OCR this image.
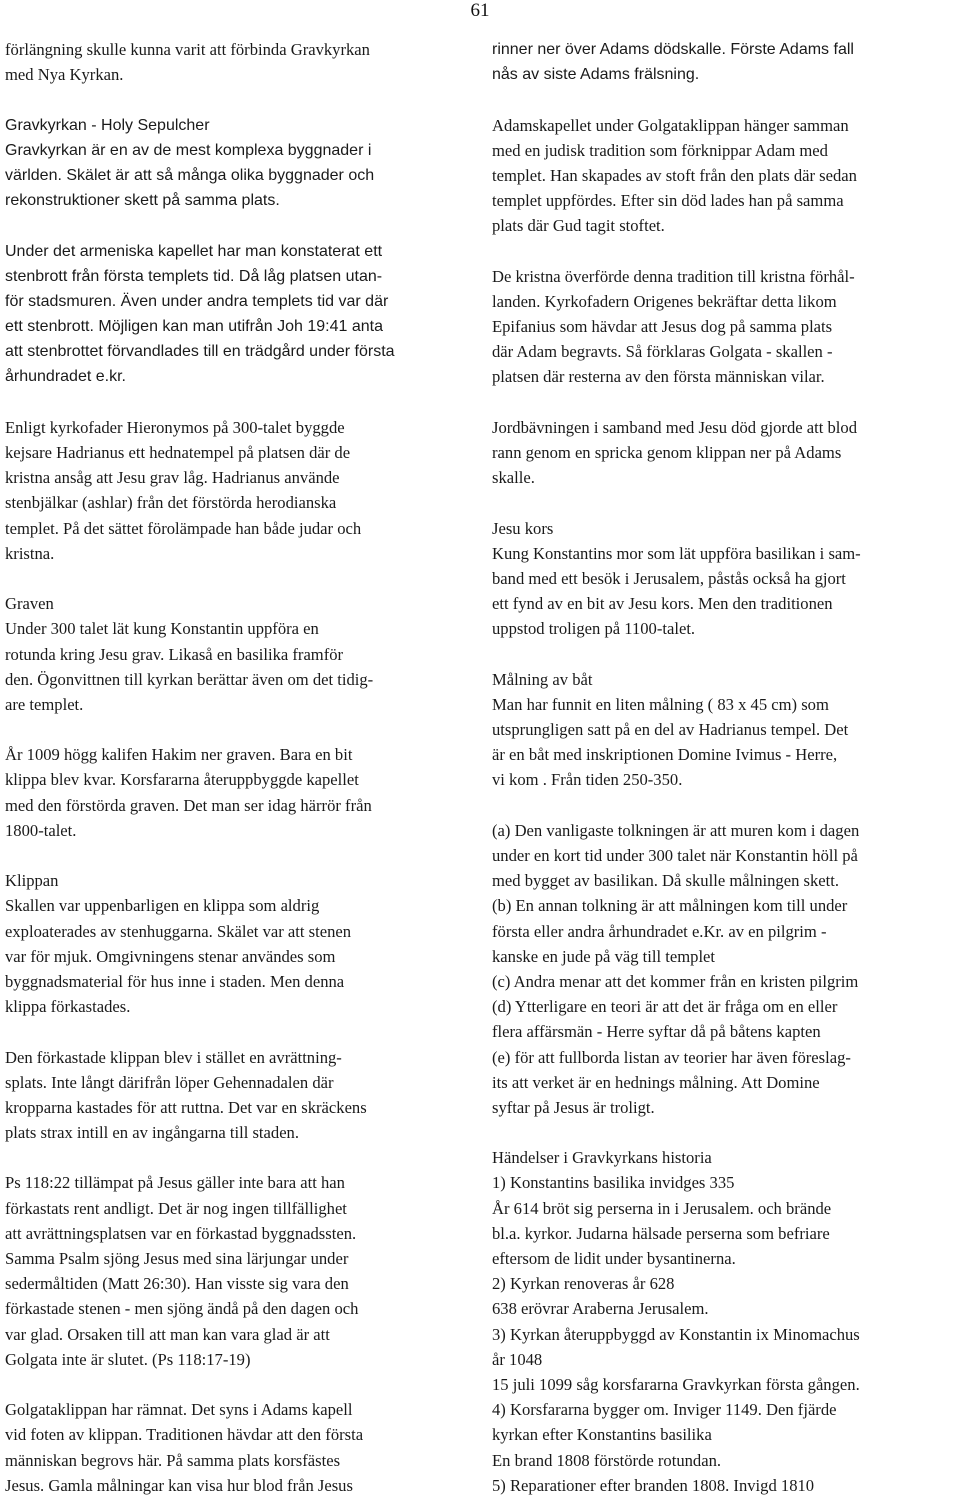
61
förlängning skulle kunna varit att förbinda Gravkyrkan
med Nya Kyrkan.
Gravkyrkan - Holy Sepulcher
Gravkyrkan är en av de mest komplexa byggnader i
världen. Skälet är att så många olika byggnader och
rekonstruktioner skett på samma plats.
Under det armeniska kapellet har man konstaterat ett
stenbrott från första templets tid. Då låg platsen utan-
för stadsmuren. Även under andra templets tid var där
ett stenbrott. Möjligen kan man utifrån Joh 19:41 anta
att stenbrottet förvandlades till en trädgård under första
århundradet e.kr.
Enligt kyrkofader Hieronymos på 300-talet byggde
kejsare Hadrianus ett hednatempel på platsen där de
kristna ansåg att Jesu grav låg. Hadrianus använde
stenbjälkar (ashlar) från det förstörda herodianska
templet. På det sättet förolämpade han både judar och
kristna.
Graven
Under 300 talet lät kung Konstantin uppföra en
rotunda kring Jesu grav. Likaså en basilika framför
den. Ögonvittnen till kyrkan berättar även om det tidig-
are templet.
År 1009 högg kalifen Hakim ner graven. Bara en bit
klippa blev kvar. Korsfararna återuppbyggde kapellet
med den förstörda graven. Det man ser idag härrör från
1800-talet.
Klippan
Skallen var uppenbarligen en klippa som aldrig
exploaterades av stenhuggarna. Skälet var att stenen
var för mjuk. Omgivningens stenar användes som
byggnadsmaterial för hus inne i staden. Men denna
klippa förkastades.
Den förkastade klippan blev i stället en avrättning-
splats. Inte långt därifrån löper Gehennadalen där
kropparna kastades för att ruttna. Det var en skräckens
plats strax intill en av ingångarna till staden.
Ps 118:22 tillämpat på Jesus gäller inte bara att han
förkastats rent andligt. Det är nog ingen tillfällighet
att avrättningsplatsen var en förkastad byggnadssten.
Samma Psalm sjöng Jesus med sina lärjungar under
sedermåltiden (Matt 26:30). Han visste sig vara den
förkastade stenen - men sjöng ändå på den dagen och
var glad. Orsaken till att man kan vara glad är att
Golgata inte är slutet. (Ps 118:17-19)
Golgataklippan har rämnat. Det syns i Adams kapell
vid foten av klippan. Traditionen hävdar att den första
människan begrovs här. På samma plats korsfästes
Jesus. Gamla målningar kan visa hur blod från Jesus
rinner ner över Adams dödskalle. Förste Adams fall
nås av siste Adams frälsning.
Adamskapellet under Golgataklippan hänger samman
med en judisk tradition som förknippar Adam med
templet. Han skapades av stoft från den plats där sedan
templet uppfördes. Efter sin död lades han på samma
plats där Gud tagit stoftet.
De kristna överförde denna tradition till kristna förhål-
landen. Kyrkofadern Origenes bekräftar detta likom
Epifanius som hävdar att Jesus dog på samma plats
där Adam begravts. Så förklaras Golgata - skallen -
platsen där resterna av den första människan vilar.
Jordbävningen i samband med Jesu död gjorde att blod
rann genom en spricka genom klippan ner på Adams
skalle.
Jesu kors
Kung Konstantins mor som lät uppföra basilikan i sam-
band med ett besök i Jerusalem, påstås också ha gjort
ett fynd av en bit av Jesu kors. Men den traditionen
uppstod troligen på 1100-talet.
Målning av båt
Man har funnit en liten målning ( 83 x 45 cm) som
utsprungligen satt på en del av Hadrianus tempel. Det
är en båt med inskriptionen Domine Ivimus - Herre,
vi kom . Från tiden 250-350.
(a) Den vanligaste tolkningen är att muren kom i dagen
under en kort tid under 300 talet när Konstantin höll på
med bygget av basilikan. Då skulle målningen skett.
(b) En annan tolkning är att målningen kom till under
första eller andra århundradet e.Kr. av en pilgrim -
kanske en jude på väg till templet
(c) Andra menar att det kommer från en kristen pilgrim
(d) Ytterligare en teori är att det är fråga om en eller
flera affärsmän - Herre syftar då på båtens kapten
(e) för att fullborda listan av teorier har även föreslag-
its att verket är en hednings målning. Att Domine
syftar på Jesus är troligt.
Händelser i Gravkyrkans historia
1) Konstantins basilika invidges 335
År 614 bröt sig perserna in i Jerusalem. och brände
bl.a. kyrkor. Judarna hälsade perserna som befriare
eftersom de lidit under bysantinerna.
2) Kyrkan renoveras år 628
638 erövrar Araberna Jerusalem.
3) Kyrkan återuppbyggd av Konstantin ix Minomachus
år 1048
15 juli 1099 såg korsfararna Gravkyrkan första gången.
4) Korsfararna bygger om. Inviger 1149. Den fjärde
kyrkan efter Konstantins basilika
En brand 1808 förstörde rotundan.
5) Reparationer efter branden 1808. Invigd 1810
